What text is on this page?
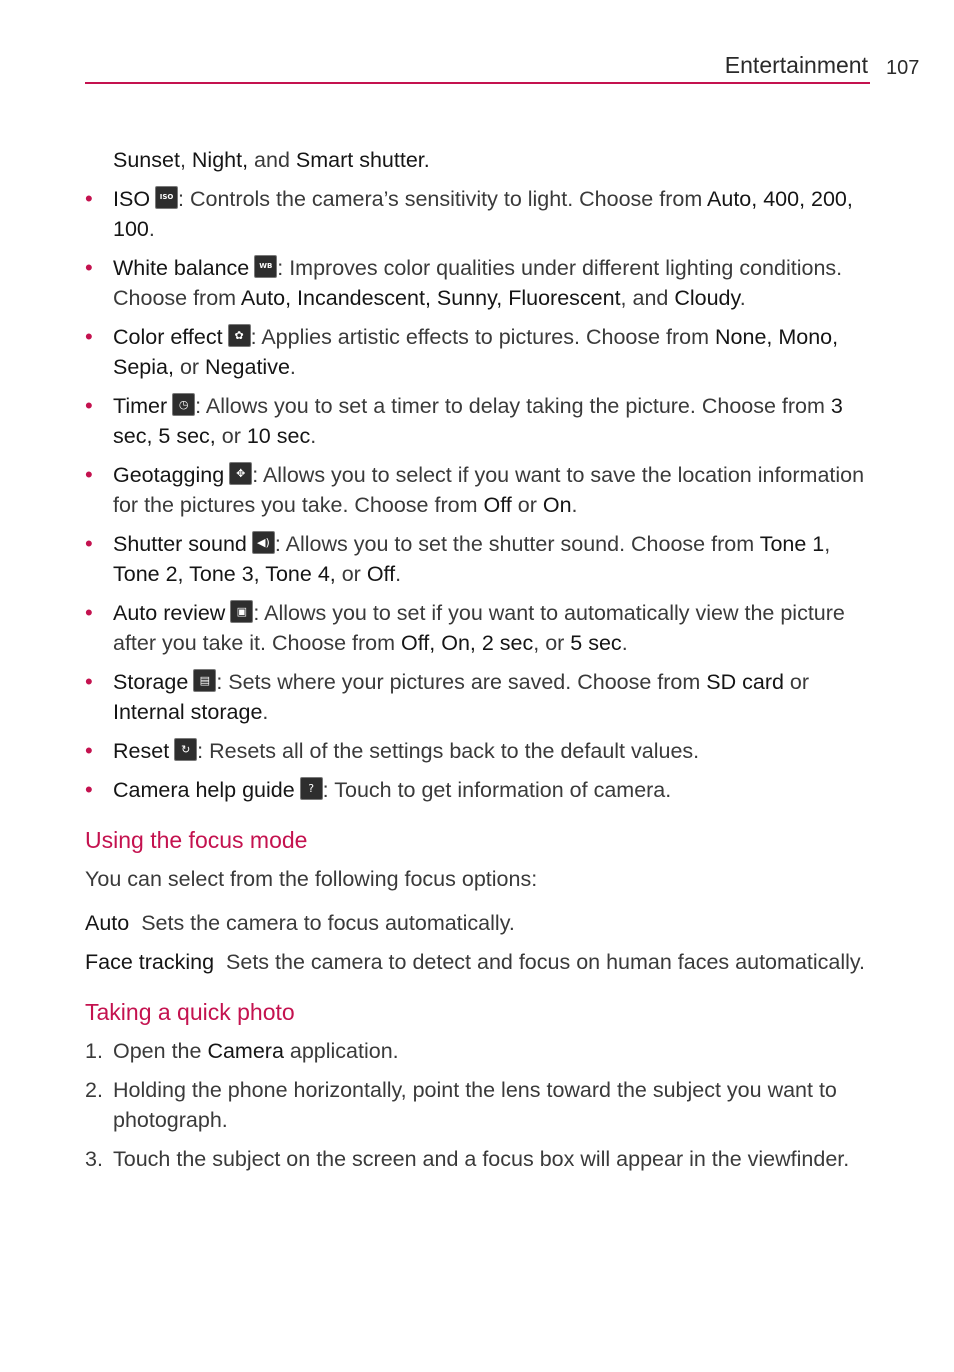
Entertainment 107

Sunset, Night, and Smart shutter.

• ISO	ISO : Controls the camera’s sensitivity to light. Choose from Auto, 400, 200, 100.
• White balance	WB : Improves color qualities under different lighting conditions. Choose from Auto, Incandescent, Sunny, Fluorescent, and Cloudy.
• Color effect	✿ : Applies artistic effects to pictures. Choose from None, Mono, Sepia, or Negative.
• Timer	◷ : Allows you to set a timer to delay taking the picture. Choose from 3 sec, 5 sec, or 10 sec.
• Geotagging	✥ : Allows you to select if you want to save the location information for the pictures you take. Choose from Off or On.
• Shutter sound ◀) : Allows you to set the shutter sound. Choose from Tone 1, Tone 2, Tone 3, Tone 4, or Off.
• Auto review	▣ : Allows you to set if you want to automatically view the picture after you take it. Choose from Off, On, 2 sec, or 5 sec.
• Storage	▤ : Sets where your pictures are saved. Choose from SD card or Internal storage.
• Reset	↻ : Resets all of the settings back to the default values.
• Camera help guide	? : Touch to get information of camera.
Using the focus mode

You can select from the following focus options:

Auto Sets the camera to focus automatically.

Face tracking Sets the camera to detect and focus on human faces automatically.

Taking a quick photo
1. Open the Camera application.
2. Holding the phone horizontally, point the lens toward the subject you want to photograph.
3. Touch the subject on the screen and a focus box will appear in the viewfinder.
